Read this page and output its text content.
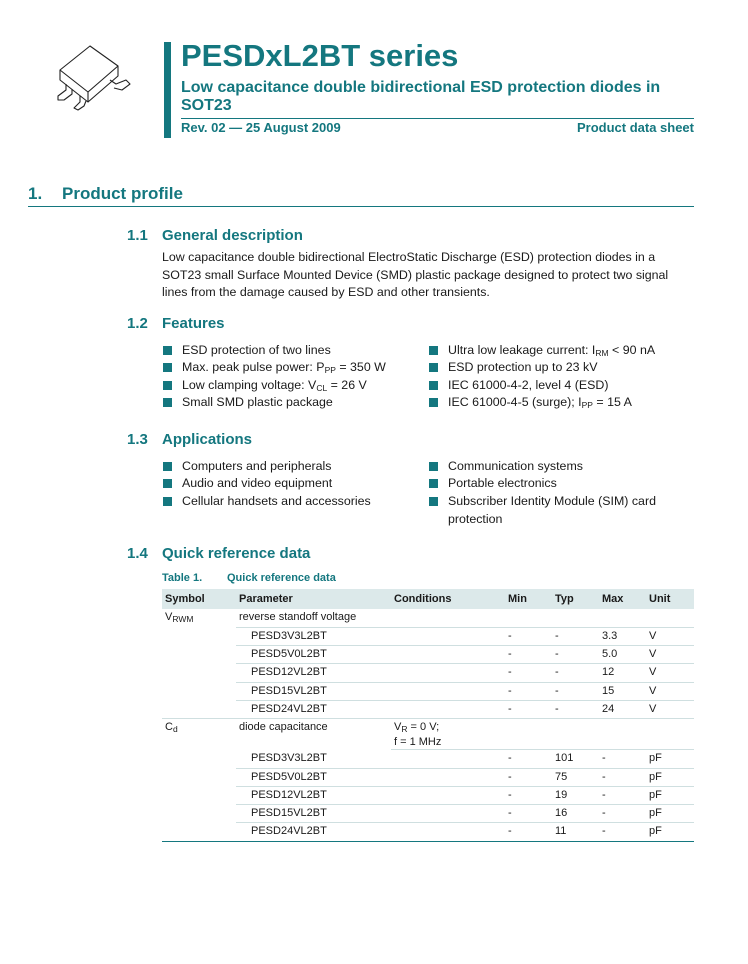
PESDxL2BT series
Low capacitance double bidirectional ESD protection diodes in SOT23
Rev. 02 — 25 August 2009	Product data sheet
1. Product profile
1.1 General description
Low capacitance double bidirectional ElectroStatic Discharge (ESD) protection diodes in a SOT23 small Surface Mounted Device (SMD) plastic package designed to protect two signal lines from the damage caused by ESD and other transients.
1.2 Features
ESD protection of two lines
Max. peak pulse power: $P_{PP} = 350$ W
Low clamping voltage: $V_{CL} = 26$ V
Small SMD plastic package
Ultra low leakage current: $I_{RM} < 90$ nA
ESD protection up to 23 kV
IEC 61000-4-2, level 4 (ESD)
IEC 61000-4-5 (surge); $I_{PP} = 15$ A
1.3 Applications
Computers and peripherals
Audio and video equipment
Cellular handsets and accessories
Communication systems
Portable electronics
Subscriber Identity Module (SIM) card protection
1.4 Quick reference data
Table 1. Quick reference data
Symbol	Parameter	Conditions	Min	Typ	Max	Unit
$V_{RWM}$	reverse standoff voltage					
	PESD3V3L2BT		-	-	3.3	V
	PESD5V0L2BT		-	-	5.0	V
	PESD12VL2BT		-	-	12	V
	PESD15VL2BT		-	-	15	V
	PESD24VL2BT		-	-	24	V
$C_d$	diode capacitance	$V_R = 0$ V;
f = 1 MHz				
	PESD3V3L2BT		-	101	-	pF
	PESD5V0L2BT		-	75	-	pF
	PESD12VL2BT		-	19	-	pF
	PESD15VL2BT		-	16	-	pF
	PESD24VL2BT		-	11	-	pF
